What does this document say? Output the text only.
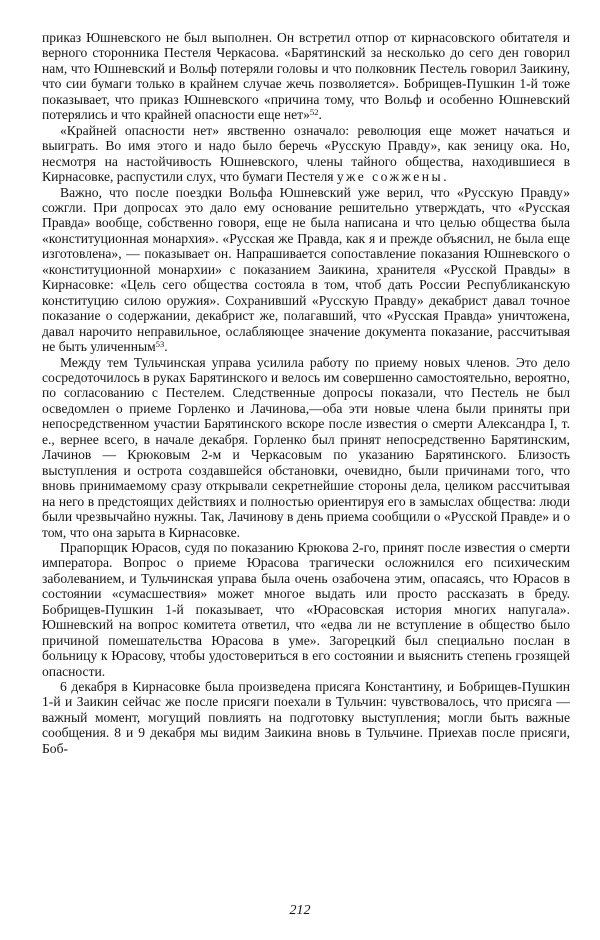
приказ Юшневского не был выполнен. Он встретил отпор от кирнасовского обитателя и верного сторонника Пестеля Черкасова. «Барятинский за несколько до сего ден говорил нам, что Юшневский и Вольф потеряли головы и что полковник Пестель говорил Заикину, что сии бумаги только в крайнем случае жечь позволяется». Бобрищев-Пушкин 1-й тоже показывает, что приказ Юшневского «причина тому, что Вольф и особенно Юшневский потерялись и что крайней опасности еще нет»$^{52}$.

«Крайней опасности нет» явственно означало: революция еще может начаться и выиграть. Во имя этого и надо было беречь «Русскую Правду», как зеницу ока. Но, несмотря на настойчивость Юшневского, члены тайного общества, находившиеся в Кирнасовке, распустили слух, что бумаги Пестеля уже сожжены.

Важно, что после поездки Вольфа Юшневский уже верил, что «Русскую Правду» сожгли. При допросах это дало ему основание решительно утверждать, что «Русская Правда» вообще, собственно говоря, еще не была написана и что целью общества была «конституционная монархия». «Русская же Правда, как я и прежде объяснил, не была еще изготовлена», — показывает он. Напрашивается сопоставление показания Юшневского о «конституционной монархии» с показанием Заикина, хранителя «Русской Правды» в Кирнасовке: «Цель сего общества состояла в том, чтоб дать России Республиканскую конституцию силою оружия». Сохранивший «Русскую Правду» декабрист давал точное показание о содержании, декабрист же, полагавший, что «Русская Правда» уничтожена, давал нарочито неправильное, ослабляющее значение документа показание, рассчитывая не быть уличенным$^{53}$.

Между тем Тульчинская управа усилила работу по приему новых членов. Это дело сосредоточилось в руках Барятинского и велось им совершенно самостоятельно, вероятно, по согласованию с Пестелем. Следственные допросы показали, что Пестель не был осведомлен о приеме Горленко и Лачинова,—оба эти новые члена были приняты при непосредственном участии Барятинского вскоре после известия о смерти Александра I, т. е., вернее всего, в начале декабря. Горленко был принят непосредственно Барятинским, Лачинов — Крюковым 2-м и Черкасовым по указанию Барятинского. Близость выступления и острота создавшейся обстановки, очевидно, были причинами того, что вновь принимаемому сразу открывали секретнейшие стороны дела, целиком рассчитывая на него в предстоящих действиях и полностью ориентируя его в замыслах общества: люди были чрезвычайно нужны. Так, Лачинову в день приема сообщили о «Русской Правде» и о том, что она зарыта в Кирнасовке.

Прапорщик Юрасов, судя по показанию Крюкова 2-го, принят после известия о смерти императора. Вопрос о приеме Юрасова трагически осложнился его психическим заболеванием, и Тульчинская управа была очень озабочена этим, опасаясь, что Юрасов в состоянии «сумасшествия» может многое выдать или просто рассказать в бреду. Бобрищев-Пушкин 1-й показывает, что «Юрасовская история многих напугала». Юшневский на вопрос комитета ответил, что «едва ли не вступление в общество было причиной помешательства Юрасова в уме». Загорецкий был специально послан в больницу к Юрасову, чтобы удостовериться в его состоянии и выяснить степень грозящей опасности.

6 декабря в Кирнасовке была произведена присяга Константину, и Бобрищев-Пушкин 1-й и Заикин сейчас же после присяги поехали в Тульчин: чувствовалось, что присяга — важный момент, могущий повлиять на подготовку выступления; могли быть важные сообщения. 8 и 9 декабря мы видим Заикина вновь в Тульчине. Приехав после присяги, Боб-

212
